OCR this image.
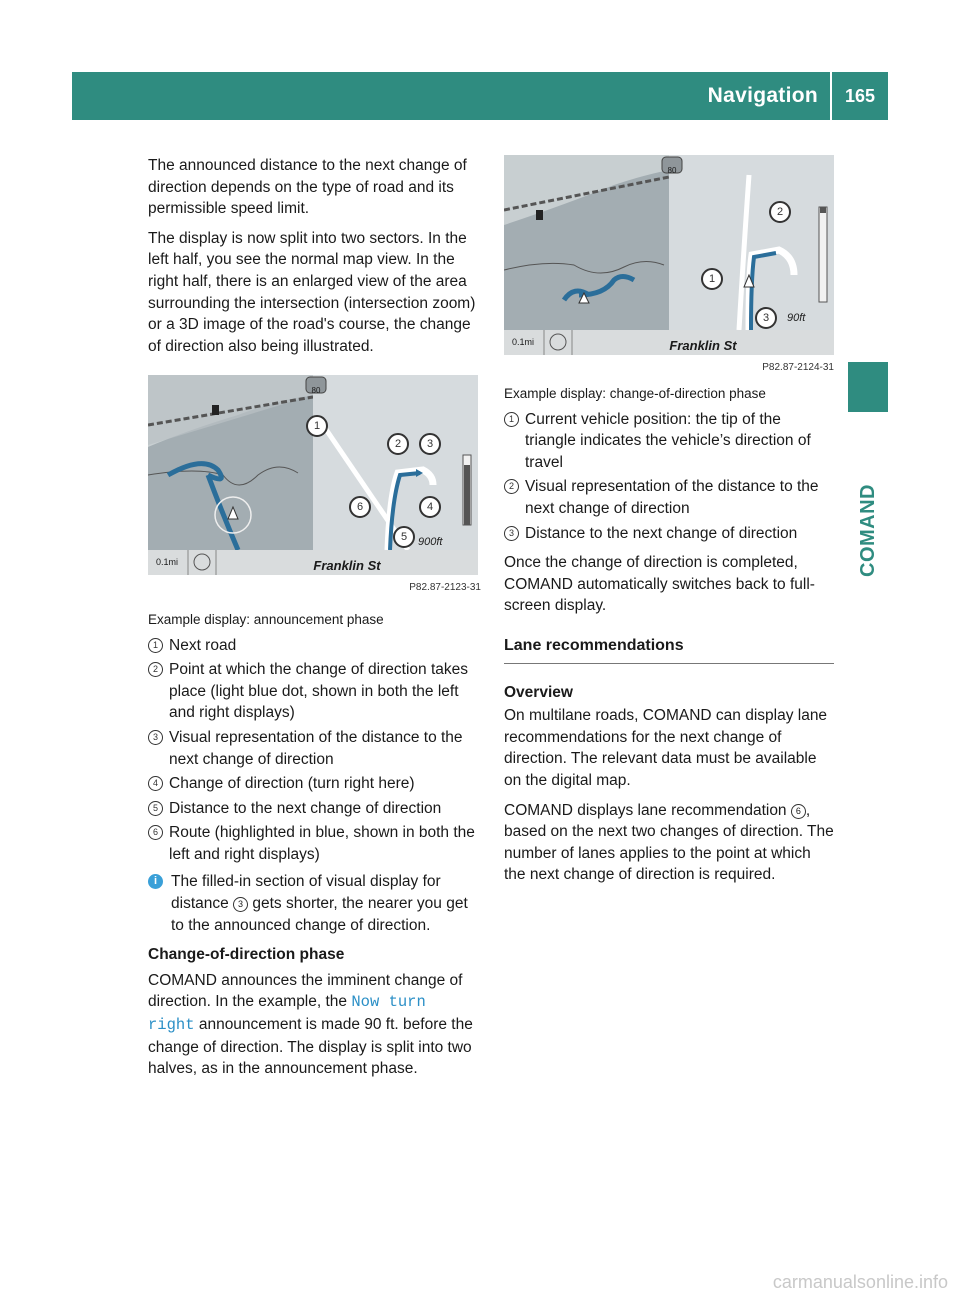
Navigation	165
COMAND

The announced distance to the next change of direction depends on the type of road and its permissible speed limit.

The display is now split into two sectors. In the left half, you see the normal map view. In the right half, there is an enlarged view of the area surrounding the intersection (intersection zoom) or a 3D image of the road's course, the change of direction also being illustrated.

0.1mi
80
Franklin St
900ft
1
2	3
6	4
5
P82.87-2123-31
Example display: announcement phase
1 Next road
2 Point at which the change of direction takes place (light blue dot, shown in both the left and right displays)
3 Visual representation of the distance to the next change of direction
4 Change of direction (turn right here)
5 Distance to the next change of direction
6 Route (highlighted in blue, shown in both the left and right displays)
i The filled-in section of visual display for distance 3 gets shorter, the nearer you get to the announced change of direction.
Change-of-direction phase

COMAND announces the imminent change of direction. In the example, the Now turn right announcement is made 90 ft. before the change of direction. The display is split into two halves, as in the announcement phase.

0.1mi
80
Franklin St
90ft
2
1
3
P82.87-2124-31
Example display: change-of-direction phase
1 Current vehicle position: the tip of the triangle indicates the vehicle’s direction of travel
2 Visual representation of the distance to the next change of direction
3 Distance to the next change of direction

Once the change of direction is completed, COMAND automatically switches back to full-screen display.

Lane recommendations
Overview

On multilane roads, COMAND can display lane recommendations for the next change of direction. The relevant data must be available on the digital map.

COMAND displays lane recommendation 6 , based on the next two changes of direction. The number of lanes applies to the point at which the next change of direction is required.

carmanualsonline.info
